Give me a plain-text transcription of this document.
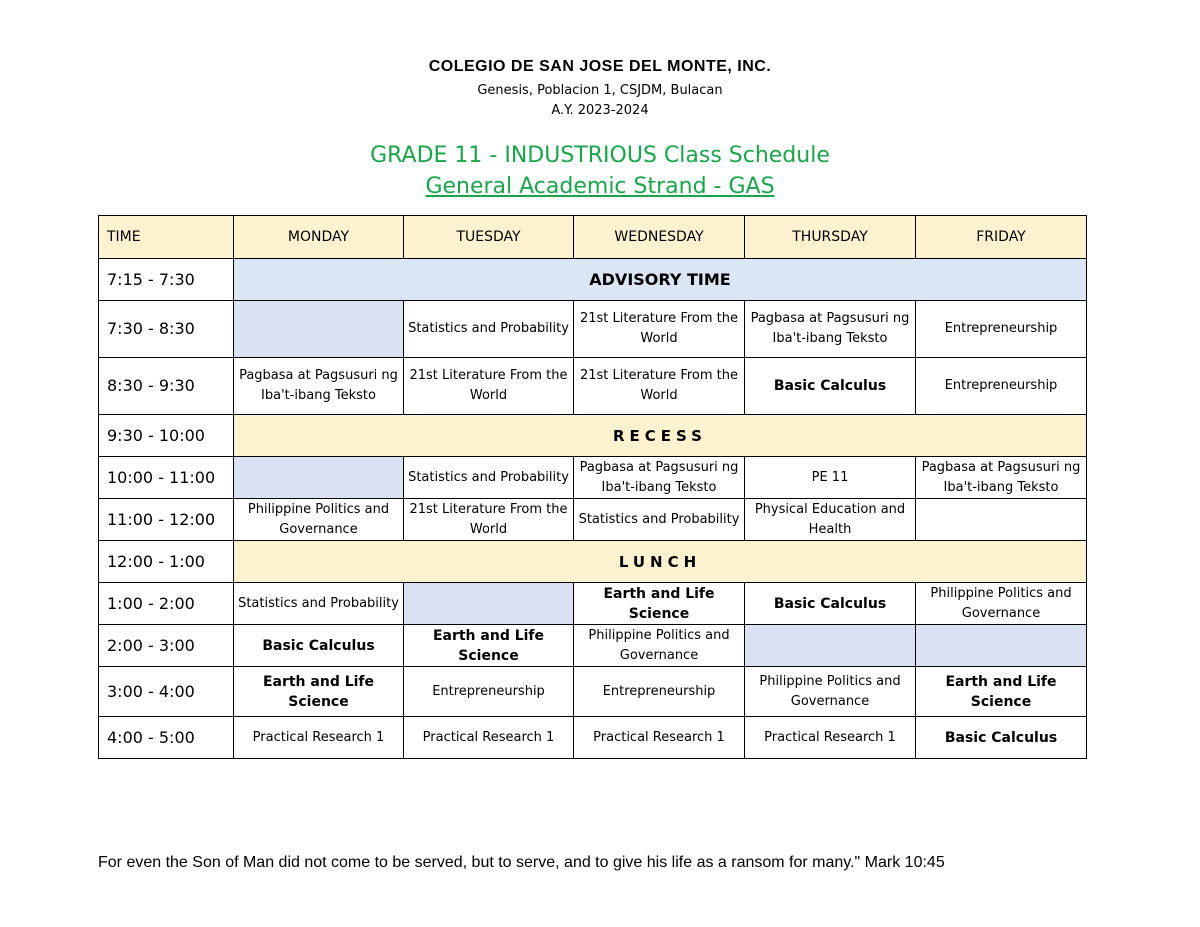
COLEGIO DE SAN JOSE DEL MONTE, INC.
Genesis, Poblacion 1, CSJDM, Bulacan
A.Y. 2023-2024
GRADE 11 - INDUSTRIOUS Class Schedule
General Academic Strand - GAS
TIME	MONDAY	TUESDAY	WEDNESDAY	THURSDAY	FRIDAY
7:15 - 7:30	ADVISORY TIME				
7:30 - 8:30		Statistics and Probability	21st Literature From the World	Pagbasa at Pagsusuri ng Iba't-ibang Teksto	Entrepreneurship
8:30 - 9:30	Pagbasa at Pagsusuri ng Iba't-ibang Teksto	21st Literature From the World	21st Literature From the World	Basic Calculus	Entrepreneurship
9:30 - 10:00	RECESS				
10:00 - 11:00		Statistics and Probability	Pagbasa at Pagsusuri ng Iba't-ibang Teksto	PE 11	Pagbasa at Pagsusuri ng Iba't-ibang Teksto
11:00 - 12:00	Philippine Politics and Governance	21st Literature From the World	Statistics and Probability	Physical Education and Health	
12:00 - 1:00	LUNCH				
1:00 - 2:00	Statistics and Probability		Earth and Life Science	Basic Calculus	Philippine Politics and Governance
2:00 - 3:00	Basic Calculus	Earth and Life Science	Philippine Politics and Governance		
3:00 - 4:00	Earth and Life Science	Entrepreneurship	Entrepreneurship	Philippine Politics and Governance	Earth and Life Science
4:00 - 5:00	Practical Research 1	Practical Research 1	Practical Research 1	Practical Research 1	Basic Calculus
For even the Son of Man did not come to be served, but to serve, and to give his life as a ransom for many." Mark 10:45
